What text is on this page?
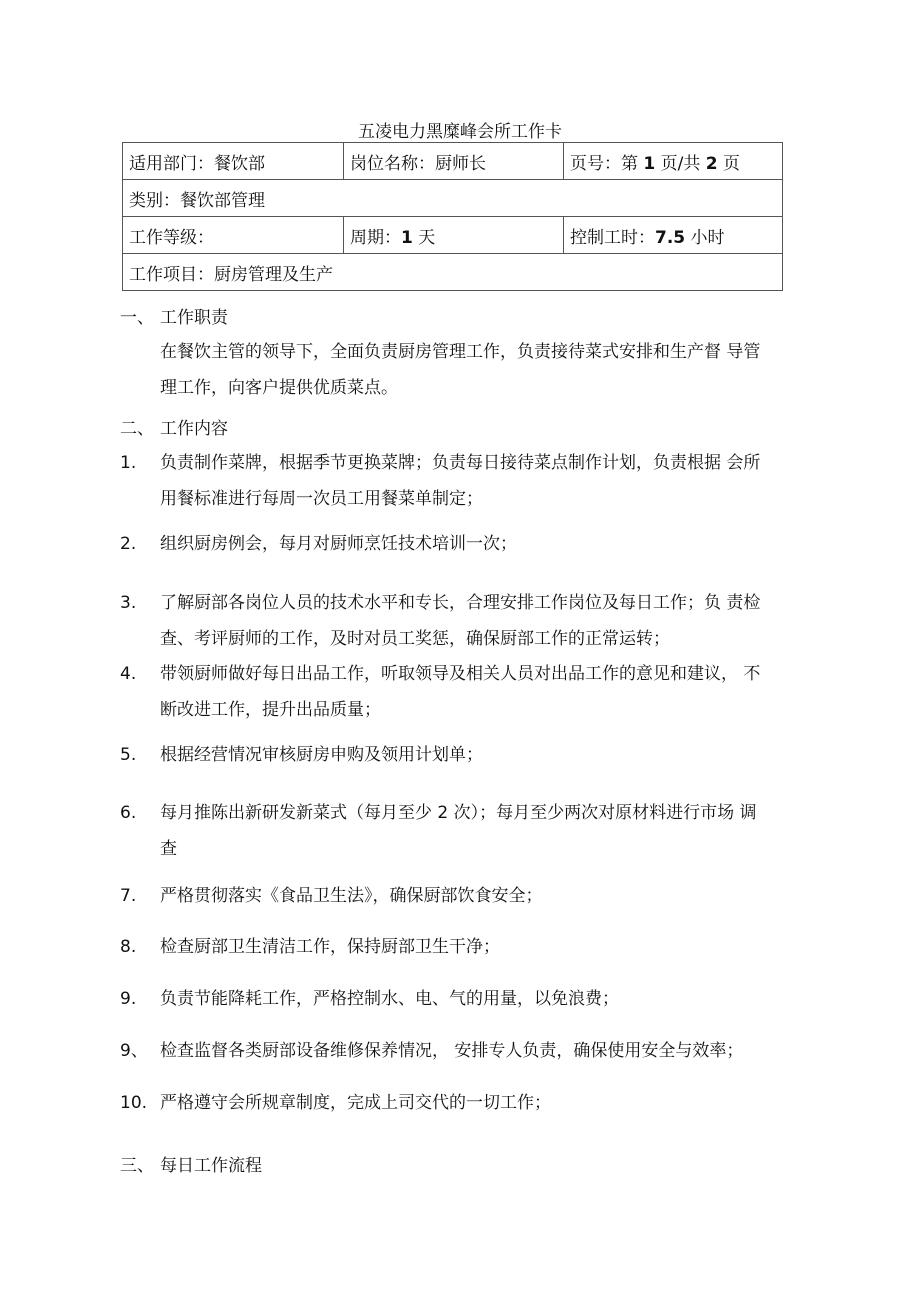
五凌电力黑糜峰会所工作卡
适用部门：餐饮部	岗位名称：厨师长	页号：第 1 页/共 2 页
类别：餐饮部管理		
工作等级：	周期：1 天	控制工时：7.5 小时
工作项目：厨房管理及生产		
一、 工作职责
在餐饮主管的领导下，全面负责厨房管理工作，负责接待菜式安排和生产督 导管
理工作，向客户提供优质菜点。
二、 工作内容
1. 负责制作菜牌，根据季节更换菜牌；负责每日接待菜点制作计划，负责根据 会所
用餐标准进行每周一次员工用餐菜单制定；
2. 组织厨房例会，每月对厨师烹饪技术培训一次；
3. 了解厨部各岗位人员的技术水平和专长，合理安排工作岗位及每日工作；负 责检
查、考评厨师的工作，及时对员工奖惩，确保厨部工作的正常运转；
4. 带领厨师做好每日出品工作，听取领导及相关人员对出品工作的意见和建议， 不
断改进工作，提升出品质量；
5. 根据经营情况审核厨房申购及领用计划单；
6. 每月推陈出新研发新菜式（每月至少 2 次）；每月至少两次对原材料进行市场 调
查
7. 严格贯彻落实《食品卫生法》，确保厨部饮食安全；
8. 检查厨部卫生清洁工作，保持厨部卫生干净；
9. 负责节能降耗工作，严格控制水、电、气的用量，以免浪费；
9、 检查监督各类厨部设备维修保养情况， 安排专人负责，确保使用安全与效率；
10. 严格遵守会所规章制度，完成上司交代的一切工作；
三、 每日工作流程
